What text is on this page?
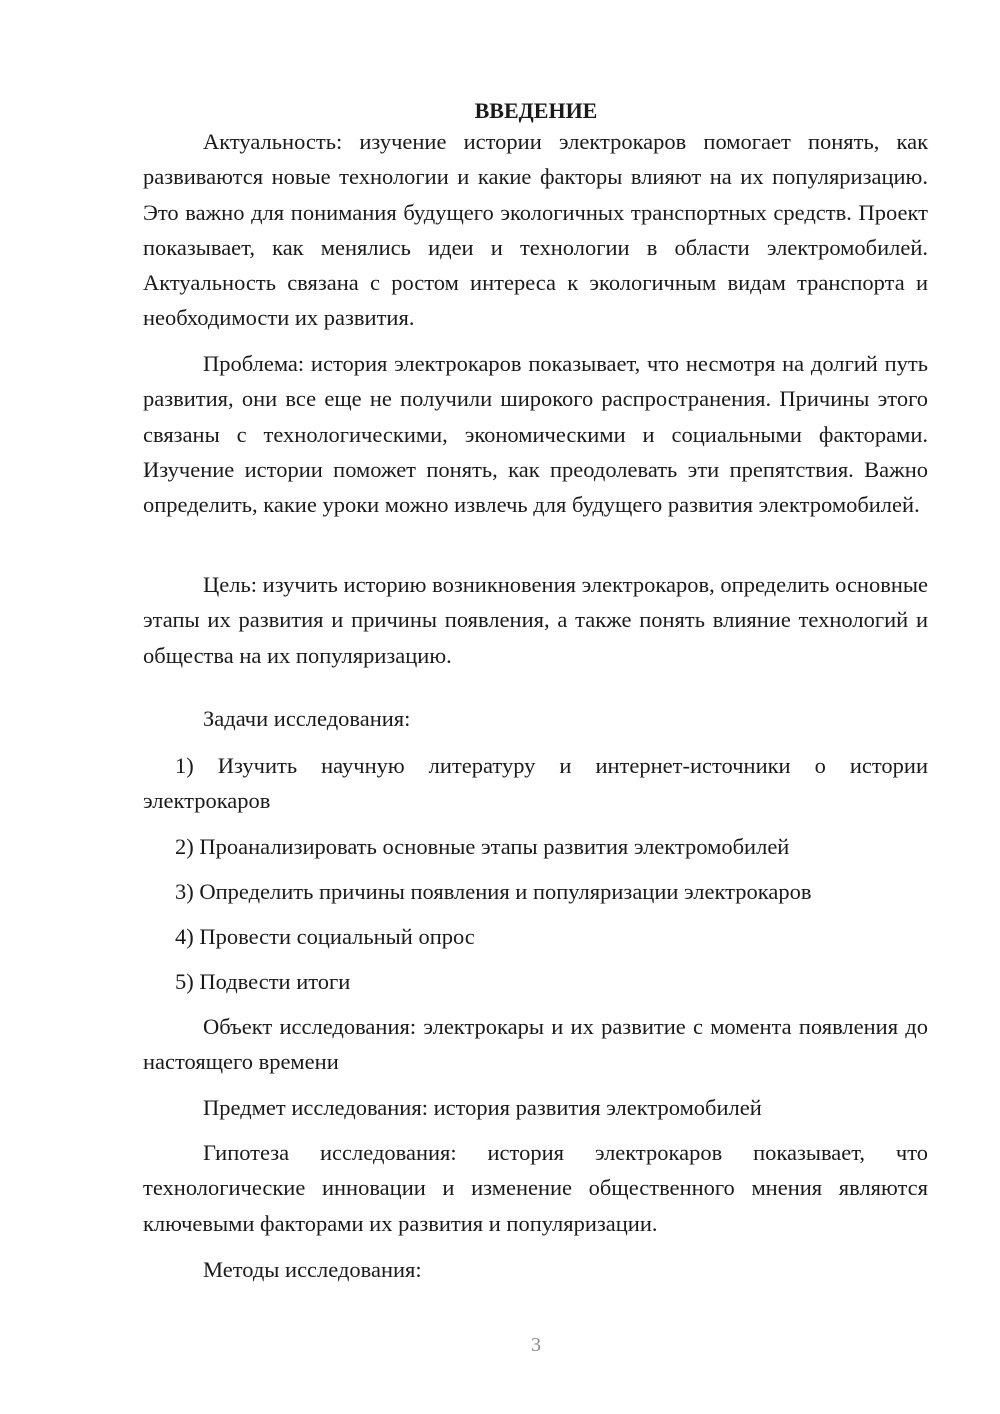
ВВЕДЕНИЕ

Актуальность: изучение истории электрокаров помогает понять, как развиваются новые технологии и какие факторы влияют на их популяризацию. Это важно для понимания будущего экологичных транспортных средств. Проект показывает, как менялись идеи и технологии в области электромобилей. Актуальность связана с ростом интереса к экологичным видам транспорта и необходимости их развития.

Проблема: история электрокаров показывает, что несмотря на долгий путь развития, они все еще не получили широкого распространения. Причины этого связаны с технологическими, экономическими и социальными факторами. Изучение истории поможет понять, как преодолевать эти препятствия. Важно определить, какие уроки можно извлечь для будущего развития электромобилей.

Цель: изучить историю возникновения электрокаров, определить основные этапы их развития и причины появления, а также понять влияние технологий и общества на их популяризацию.

Задачи исследования:

1) Изучить научную литературу и интернет-источники о истории электрокаров

2) Проанализировать основные этапы развития электромобилей
3) Определить причины появления и популяризации электрокаров
4) Провести социальный опрос
5) Подвести итоги

Объект исследования: электрокары и их развитие с момента появления до настоящего времени

Предмет исследования: история развития электромобилей

Гипотеза исследования: история электрокаров показывает, что технологические инновации и изменение общественного мнения являются ключевыми факторами их развития и популяризации.

Методы исследования:
3
